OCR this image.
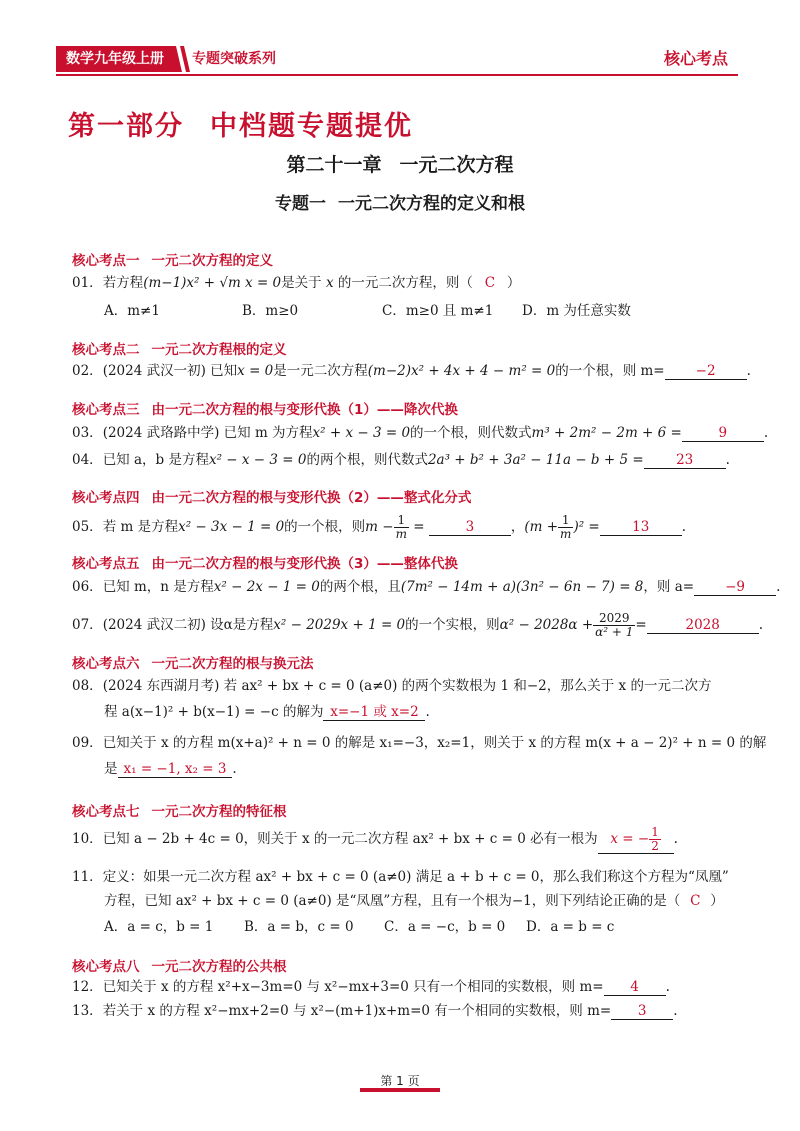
数学九年级上册	专题突破系列	核心考点
第一部分 中档题专题提优
第二十一章 一元二次方程
专题一 一元二次方程的定义和根
核心考点一 一元二次方程的定义
01．若方程(m−1)x² + √m x = 0是关于 x 的一元二次方程，则（ C ）
A．m≠1	B．m≥0	C．m≥0 且 m≠1 D．m 为任意实数
核心考点二 一元二次方程根的定义
02．(2024 武汉一初) 已知x = 0是一元二次方程(m−2)x² + 4x + 4 − m² = 0的一个根，则 m= −2 .
核心考点三 由一元二次方程的根与变形代换（1）——降次代换
03．(2024 武珞路中学) 已知 m 为方程x² + x − 3 = 0的一个根，则代数式m³ + 2m² − 2m + 6 =	9	.
04．已知 a，b 是方程x² − x − 3 = 0的两个根，则代数式2a³ + b² + 3a² − 11a − b + 5 = 23 .
核心考点四 由一元二次方程的根与变形代换（2）——整式化分式
05．若 m 是方程x² − 3x − 1 = 0的一个根，则$m - \frac{1}{m}$ =	3	，$(m + \frac{1}{m} )^2 = 13$ .
核心考点五 由一元二次方程的根与变形代换（3）——整体代换
06．已知 m，n 是方程x² − 2x − 1 = 0的两个根，且(7m² − 14m + a)(3n² − 6n − 7) = 8，则 a= −9 .
07．(2024 武汉二初) 设α是方程x² − 2029x + 1 = 0的一个实根，则$\alpha^2 - 2028\alpha + \frac{2029}{\text{α² + 1}}$ =	2028	.
核心考点六 一元二次方程的根与换元法
08．(2024 东西湖月考) 若 ax² + bx + c = 0 (a≠0) 的两个实数根为 1 和−2，那么关于 x 的一元二次方
程 a(x−1)² + b(x−1) = −c 的解为 x=−1 或 x=2 .
09．已知关于 x 的方程 m(x+a)² + n = 0 的解是 x₁=−3，x₂=1，则关于 x 的方程 m(x + a − 2)² + n = 0 的解
是 x₁ = −1, x₂ = 3 .
核心考点七 一元二次方程的特征根
10．已知 a − 2b + 4c = 0，则关于 x 的一元二次方程 ax² + bx + c = 0 必有一根为 x = − $\frac{1}{2}$ .
11．定义：如果一元二次方程 ax² + bx + c = 0 (a≠0) 满足 a + b + c = 0，那么我们称这个方程为“凤凰”
方程，已知 ax² + bx + c = 0 (a≠0) 是“凤凰”方程，且有一个根为−1，则下列结论正确的是（ C ）
A．a = c，b = 1 B．a = b，c = 0 C．a = −c，b = 0 D．a = b = c
核心考点八 一元二次方程的公共根
12．已知关于 x 的方程 x²+x−3m=0 与 x²−mx+3=0 只有一个相同的实数根，则 m= 4 .
13．若关于 x 的方程 x²−mx+2=0 与 x²−(m+1)x+m=0 有一个相同的实数根，则 m= 3 .
第 1 页
